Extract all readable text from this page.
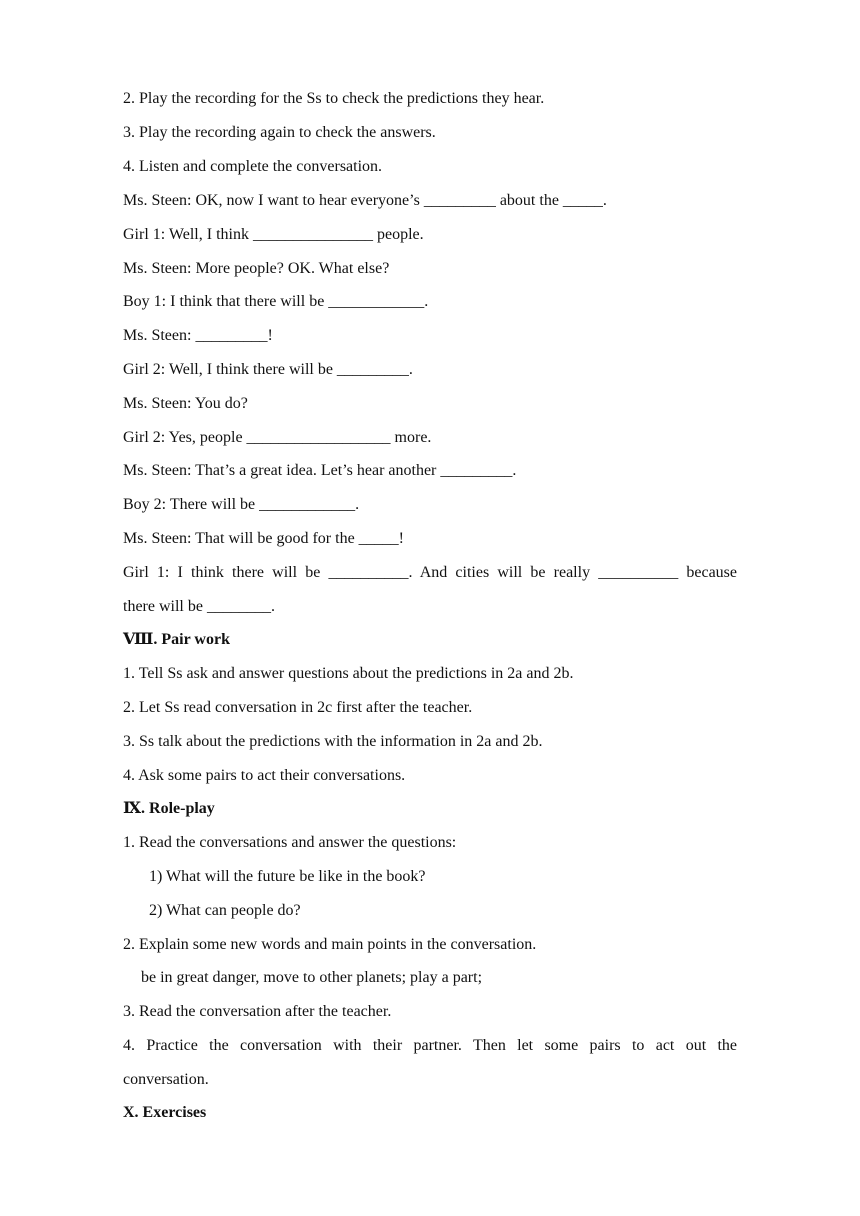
2. Play the recording for the Ss to check the predictions they hear.
3. Play the recording again to check the answers.
4. Listen and complete the conversation.
Ms. Steen: OK, now I want to hear everyone’s _________ about the _____.
Girl 1: Well, I think _______________ people.
Ms. Steen: More people? OK. What else?
Boy 1: I think that there will be ____________.
Ms. Steen: _________!
Girl 2: Well, I think there will be _________.
Ms. Steen: You do?
Girl 2: Yes, people __________________ more.
Ms. Steen: That’s a great idea. Let’s hear another _________.
Boy 2: There will be ____________.
Ms. Steen: That will be good for the _____!
Girl 1: I think there will be __________. And cities will be really __________ because
there will be ________.
Ⅷ. Pair work
1. Tell Ss ask and answer questions about the predictions in 2a and 2b.
2. Let Ss read conversation in 2c first after the teacher.
3. Ss talk about the predictions with the information in 2a and 2b.
4. Ask some pairs to act their conversations.
Ⅸ. Role-play
1. Read the conversations and answer the questions:
1) What will the future be like in the book?
2) What can people do?
2. Explain some new words and main points in the conversation.
be in great danger, move to other planets; play a part;
3. Read the conversation after the teacher.
4. Practice the conversation with their partner. Then let some pairs to act out the
conversation.
X. Exercises
